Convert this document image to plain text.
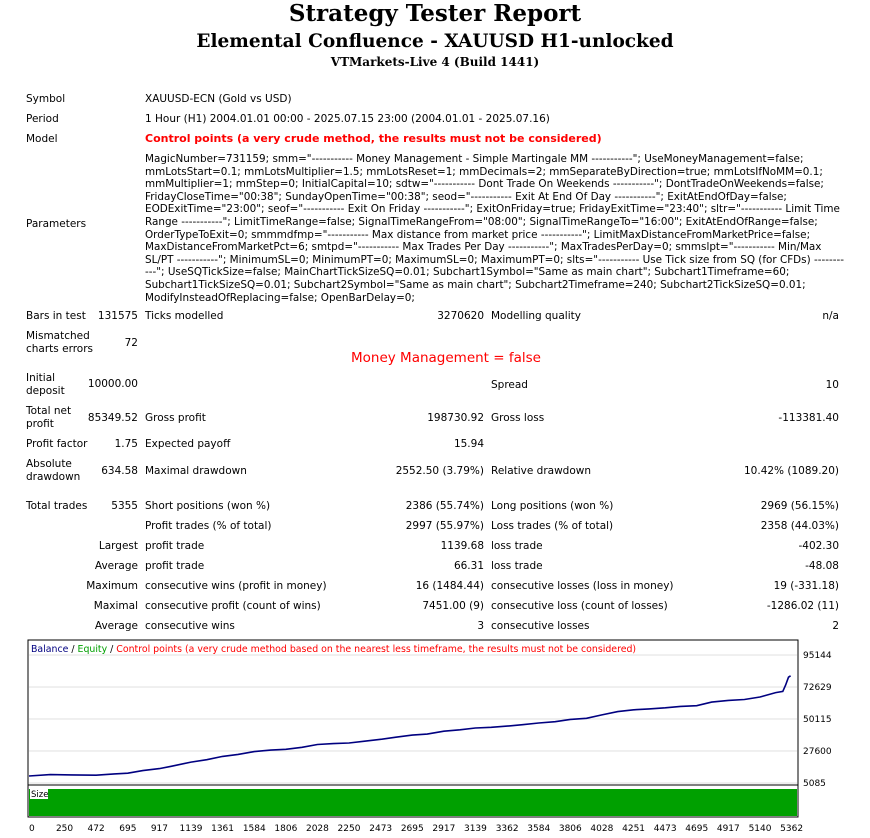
Strategy Tester Report
Elemental Confluence - XAUUSD H1-unlocked
VTMarkets-Live 4 (Build 1441)
Symbol	XAUUSD-ECN (Gold vs USD)
Period	1 Hour (H1) 2004.01.01 00:00 - 2025.07.15 23:00 (2004.01.01 - 2025.07.16)
Model	Control points (a very crude method, the results must not be considered)
Parameters
MagicNumber=731159; smm="----------- Money Management - Simple Martingale MM -----------"; UseMoneyManagement=false; mmLotsStart=0.1; mmLotsMultiplier=1.5; mmLotsReset=1; mmDecimals=2; mmSeparateByDirection=true; mmLotsIfNoMM=0.1; mmMultiplier=1; mmStep=0; InitialCapital=10; sdtw="----------- Dont Trade On Weekends -----------"; DontTradeOnWeekends=false; FridayCloseTime="00:38"; SundayOpenTime="00:38"; seod="----------- Exit At End Of Day -----------"; ExitAtEndOfDay=false; EODExitTime="23:00"; seof="----------- Exit On Friday -----------"; ExitOnFriday=true; FridayExitTime="23:40"; sltr="----------- Limit Time Range -----------"; LimitTimeRange=false; SignalTimeRangeFrom="08:00"; SignalTimeRangeTo="16:00"; ExitAtEndOfRange=false; OrderTypeToExit=0; smmmdfmp="----------- Max distance from market price -----------"; LimitMaxDistanceFromMarketPrice=false; MaxDistanceFromMarketPct=6; smtpd="----------- Max Trades Per Day -----------"; MaxTradesPerDay=0; smmslpt="----------- Min/Max SL/PT -----------"; MinimumSL=0; MinimumPT=0; MaximumSL=0; MaximumPT=0; slts="----------- Use Tick size from SQ (for CFDs) -----------"; UseSQTickSize=false; MainChartTickSizeSQ=0.01; Subchart1Symbol="Same as main chart"; Subchart1Timeframe=60; Subchart1TickSizeSQ=0.01; Subchart2Symbol="Same as main chart"; Subchart2Timeframe=240; Subchart2TickSizeSQ=0.01; ModifyInsteadOfReplacing=false; OpenBarDelay=0;
Bars in test	131575 Ticks modelled	3270620 Modelling quality	n/a
Mismatched
charts errors	72
Money Management = false
Initial
deposit
10000.00	Spread	10
Total net
profit	85349.52 Gross profit	198730.92 Gross loss	-113381.40
Profit factor	1.75 Expected payoff	15.94
Absolute
drawdown	634.58 Maximal drawdown	2552.50 (3.79%) Relative drawdown	10.42% (1089.20)
Total trades	5355 Short positions (won %)	2386 (55.74%) Long positions (won %)	2969 (56.15%)
Profit trades (% of total)	2997 (55.97%) Loss trades (% of total)	2358 (44.03%)
Largest profit trade	1139.68 loss trade	-402.30
Average profit trade	66.31 loss trade	-48.08
Maximum consecutive wins (profit in money)	16 (1484.44) consecutive losses (loss in money)	19 (-331.18)
Maximal consecutive profit (count of wins)	7451.00 (9) consecutive loss (count of losses)	-1286.02 (11)
Average consecutive wins	3 consecutive losses	2
95144
72629
50115
27600
5085
Balance / Equity / Control points (a very crude method based on the nearest less timeframe, the results must not be considered)
Size
0 250 472 695 917 1139 1361 1584 1806 2028 2250 2473 2695 2917 3139 3362 3584 3806 4028 4251 4473 4695 4917 5140 5362
